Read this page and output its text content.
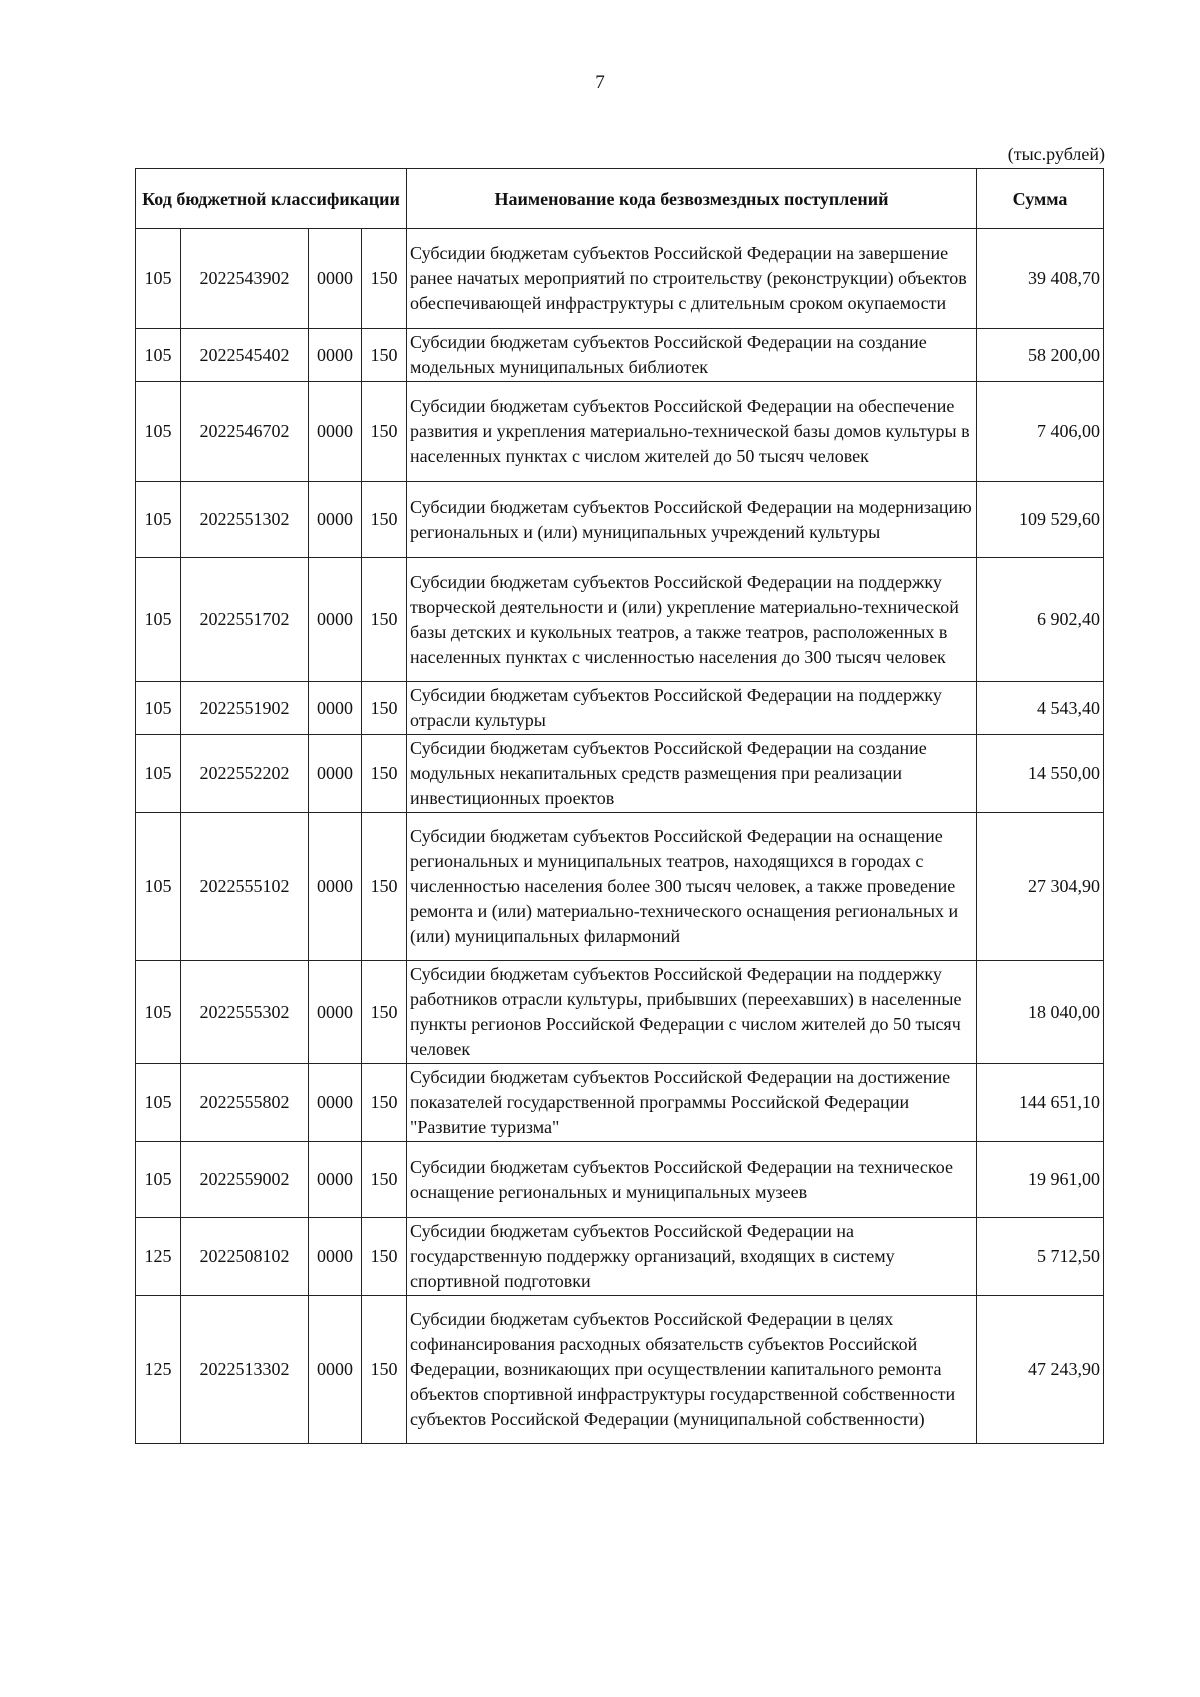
7
(тыс.рублей)
Код бюджетной классификации				Наименование кода безвозмездных поступлений	Сумма
105	2022543902	0000	150	Субсидии бюджетам субъектов Российской Федерации на завершение ранее начатых мероприятий по строительству (реконструкции) объектов обеспечивающей инфраструктуры с длительным сроком окупаемости	39 408,70
105	2022545402	0000	150	Субсидии бюджетам субъектов Российской Федерации на создание модельных муниципальных библиотек	58 200,00
105	2022546702	0000	150	Субсидии бюджетам субъектов Российской Федерации на обеспечение развития и укрепления материально-технической базы домов культуры в населенных пунктах с числом жителей до 50 тысяч человек	7 406,00
105	2022551302	0000	150	Субсидии бюджетам субъектов Российской Федерации на модернизацию региональных и (или) муниципальных учреждений культуры	109 529,60
105	2022551702	0000	150	Субсидии бюджетам субъектов Российской Федерации на поддержку творческой деятельности и (или) укрепление материально-технической базы детских и кукольных театров, а также театров, расположенных в населенных пунктах с численностью населения до 300 тысяч человек	6 902,40
105	2022551902	0000	150	Субсидии бюджетам субъектов Российской Федерации на поддержку отрасли культуры	4 543,40
105	2022552202	0000	150	Субсидии бюджетам субъектов Российской Федерации на создание модульных некапитальных средств размещения при реализации инвестиционных проектов	14 550,00
105	2022555102	0000	150	Субсидии бюджетам субъектов Российской Федерации на оснащение региональных и муниципальных театров, находящихся в городах с численностью населения более 300 тысяч человек, а также проведение ремонта и (или) материально-технического оснащения региональных и (или) муниципальных филармоний	27 304,90
105	2022555302	0000	150	Субсидии бюджетам субъектов Российской Федерации на поддержку работников отрасли культуры, прибывших (переехавших) в населенные пункты регионов Российской Федерации с числом жителей до 50 тысяч человек	18 040,00
105	2022555802	0000	150	Субсидии бюджетам субъектов Российской Федерации на достижение показателей государственной программы Российской Федерации "Развитие туризма"	144 651,10
105	2022559002	0000	150	Субсидии бюджетам субъектов Российской Федерации на техническое оснащение региональных и муниципальных музеев	19 961,00
125	2022508102	0000	150	Субсидии бюджетам субъектов Российской Федерации на государственную поддержку организаций, входящих в систему спортивной подготовки	5 712,50
125	2022513302	0000	150	Субсидии бюджетам субъектов Российской Федерации в целях софинансирования расходных обязательств субъектов Российской Федерации, возникающих при осуществлении капитального ремонта объектов спортивной инфраструктуры государственной собственности субъектов Российской Федерации (муниципальной собственности)	47 243,90
